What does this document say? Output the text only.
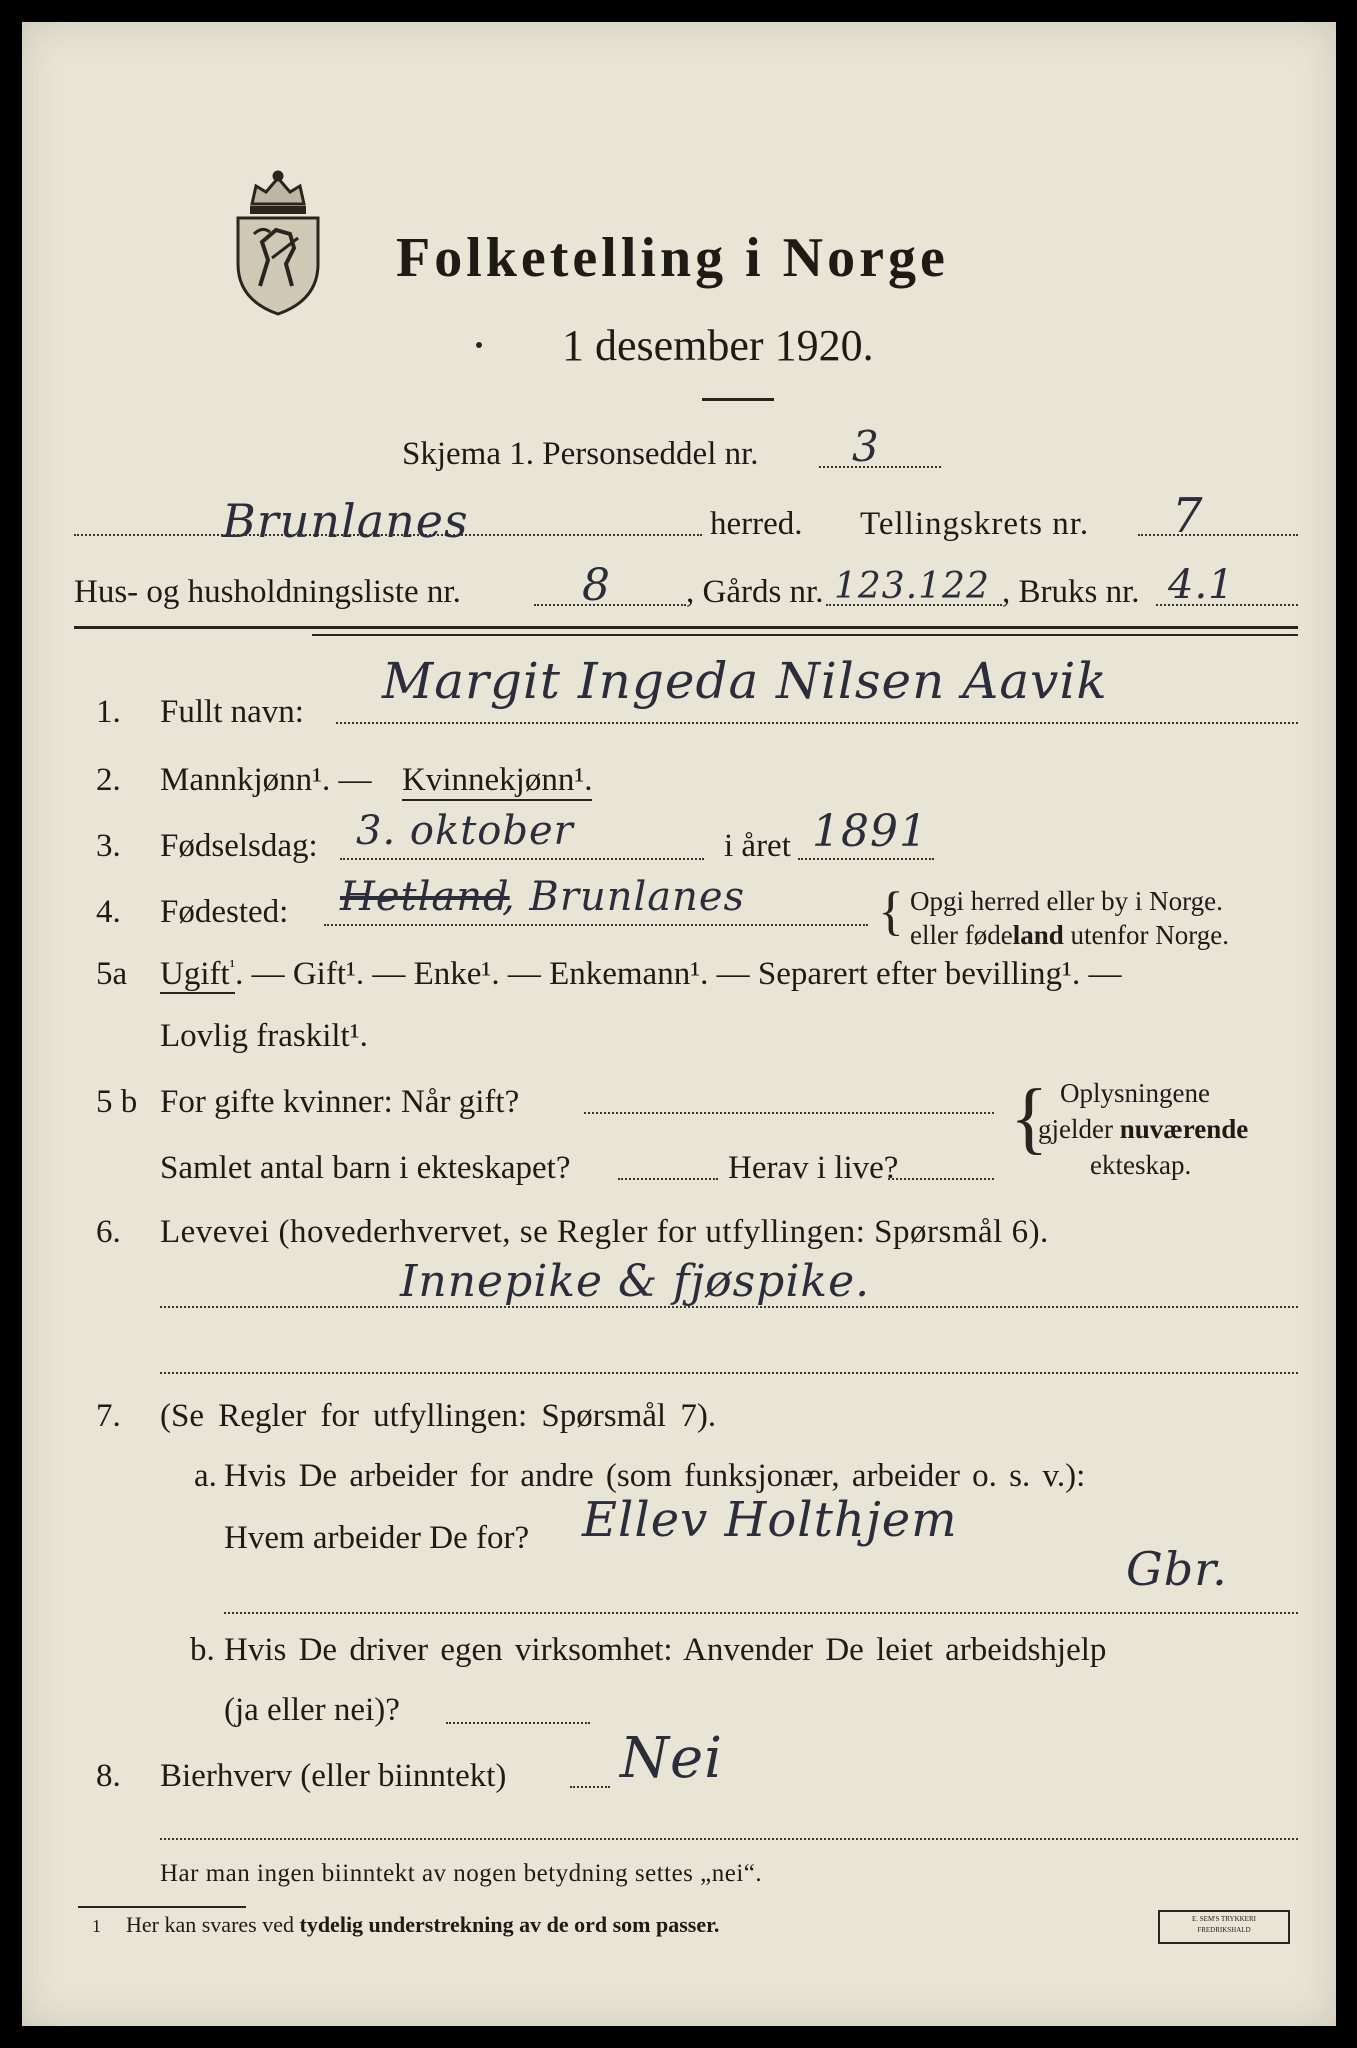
Folketelling i Norge
1 desember 1920.
Skjema 1. Personseddel nr. 3
Brunlanes	herred. Tellingskrets nr. 7
Hus- og husholdningsliste nr.	8 , Gårds nr. 123.122 , Bruks nr. 4.1
1. Fullt navn:
Margit Ingeda Nilsen Aavik
2. Mannkjønn¹. — Kvinnekjønn¹.
3. Fødselsdag: 3. oktober	i året 1891
4. Fødested: Hetland
, Brunlanes { Opgi herred eller by i Norge.
eller fødeland utenfor Norge.
5a Ugift$^{^1}$. — Gift¹. — Enke¹. — Enkemann¹. — Separert efter bevilling¹. —
Lovlig fraskilt¹.
5 b For gifte kvinner: Når gift?
Samlet antal barn i ekteskapet?	Herav i live?
{ Oplysningene
gjelder nuværende
ekteskap.
6. Levevei (hovederhvervet, se Regler for utfyllingen: Spørsmål 6).
Innepike & fjøspike.
7. (Se Regler for utfyllingen: Spørsmål 7).
a. Hvis De arbeider for andre (som funksjonær, arbeider o. s. v.):
Hvem arbeider De for? Ellev Holthjem
Gbr.
b. Hvis De driver egen virksomhet: Anvender De leiet arbeidshjelp
(ja eller nei)?
8. Bierhverv (eller biinntekt) Nei
Har man ingen biinntekt av nogen betydning settes „nei“.
1 Her kan svares ved tydelig understrekning av de ord som passer.	E. SEM'S TRYKKERI
FREDRIKSHALD
